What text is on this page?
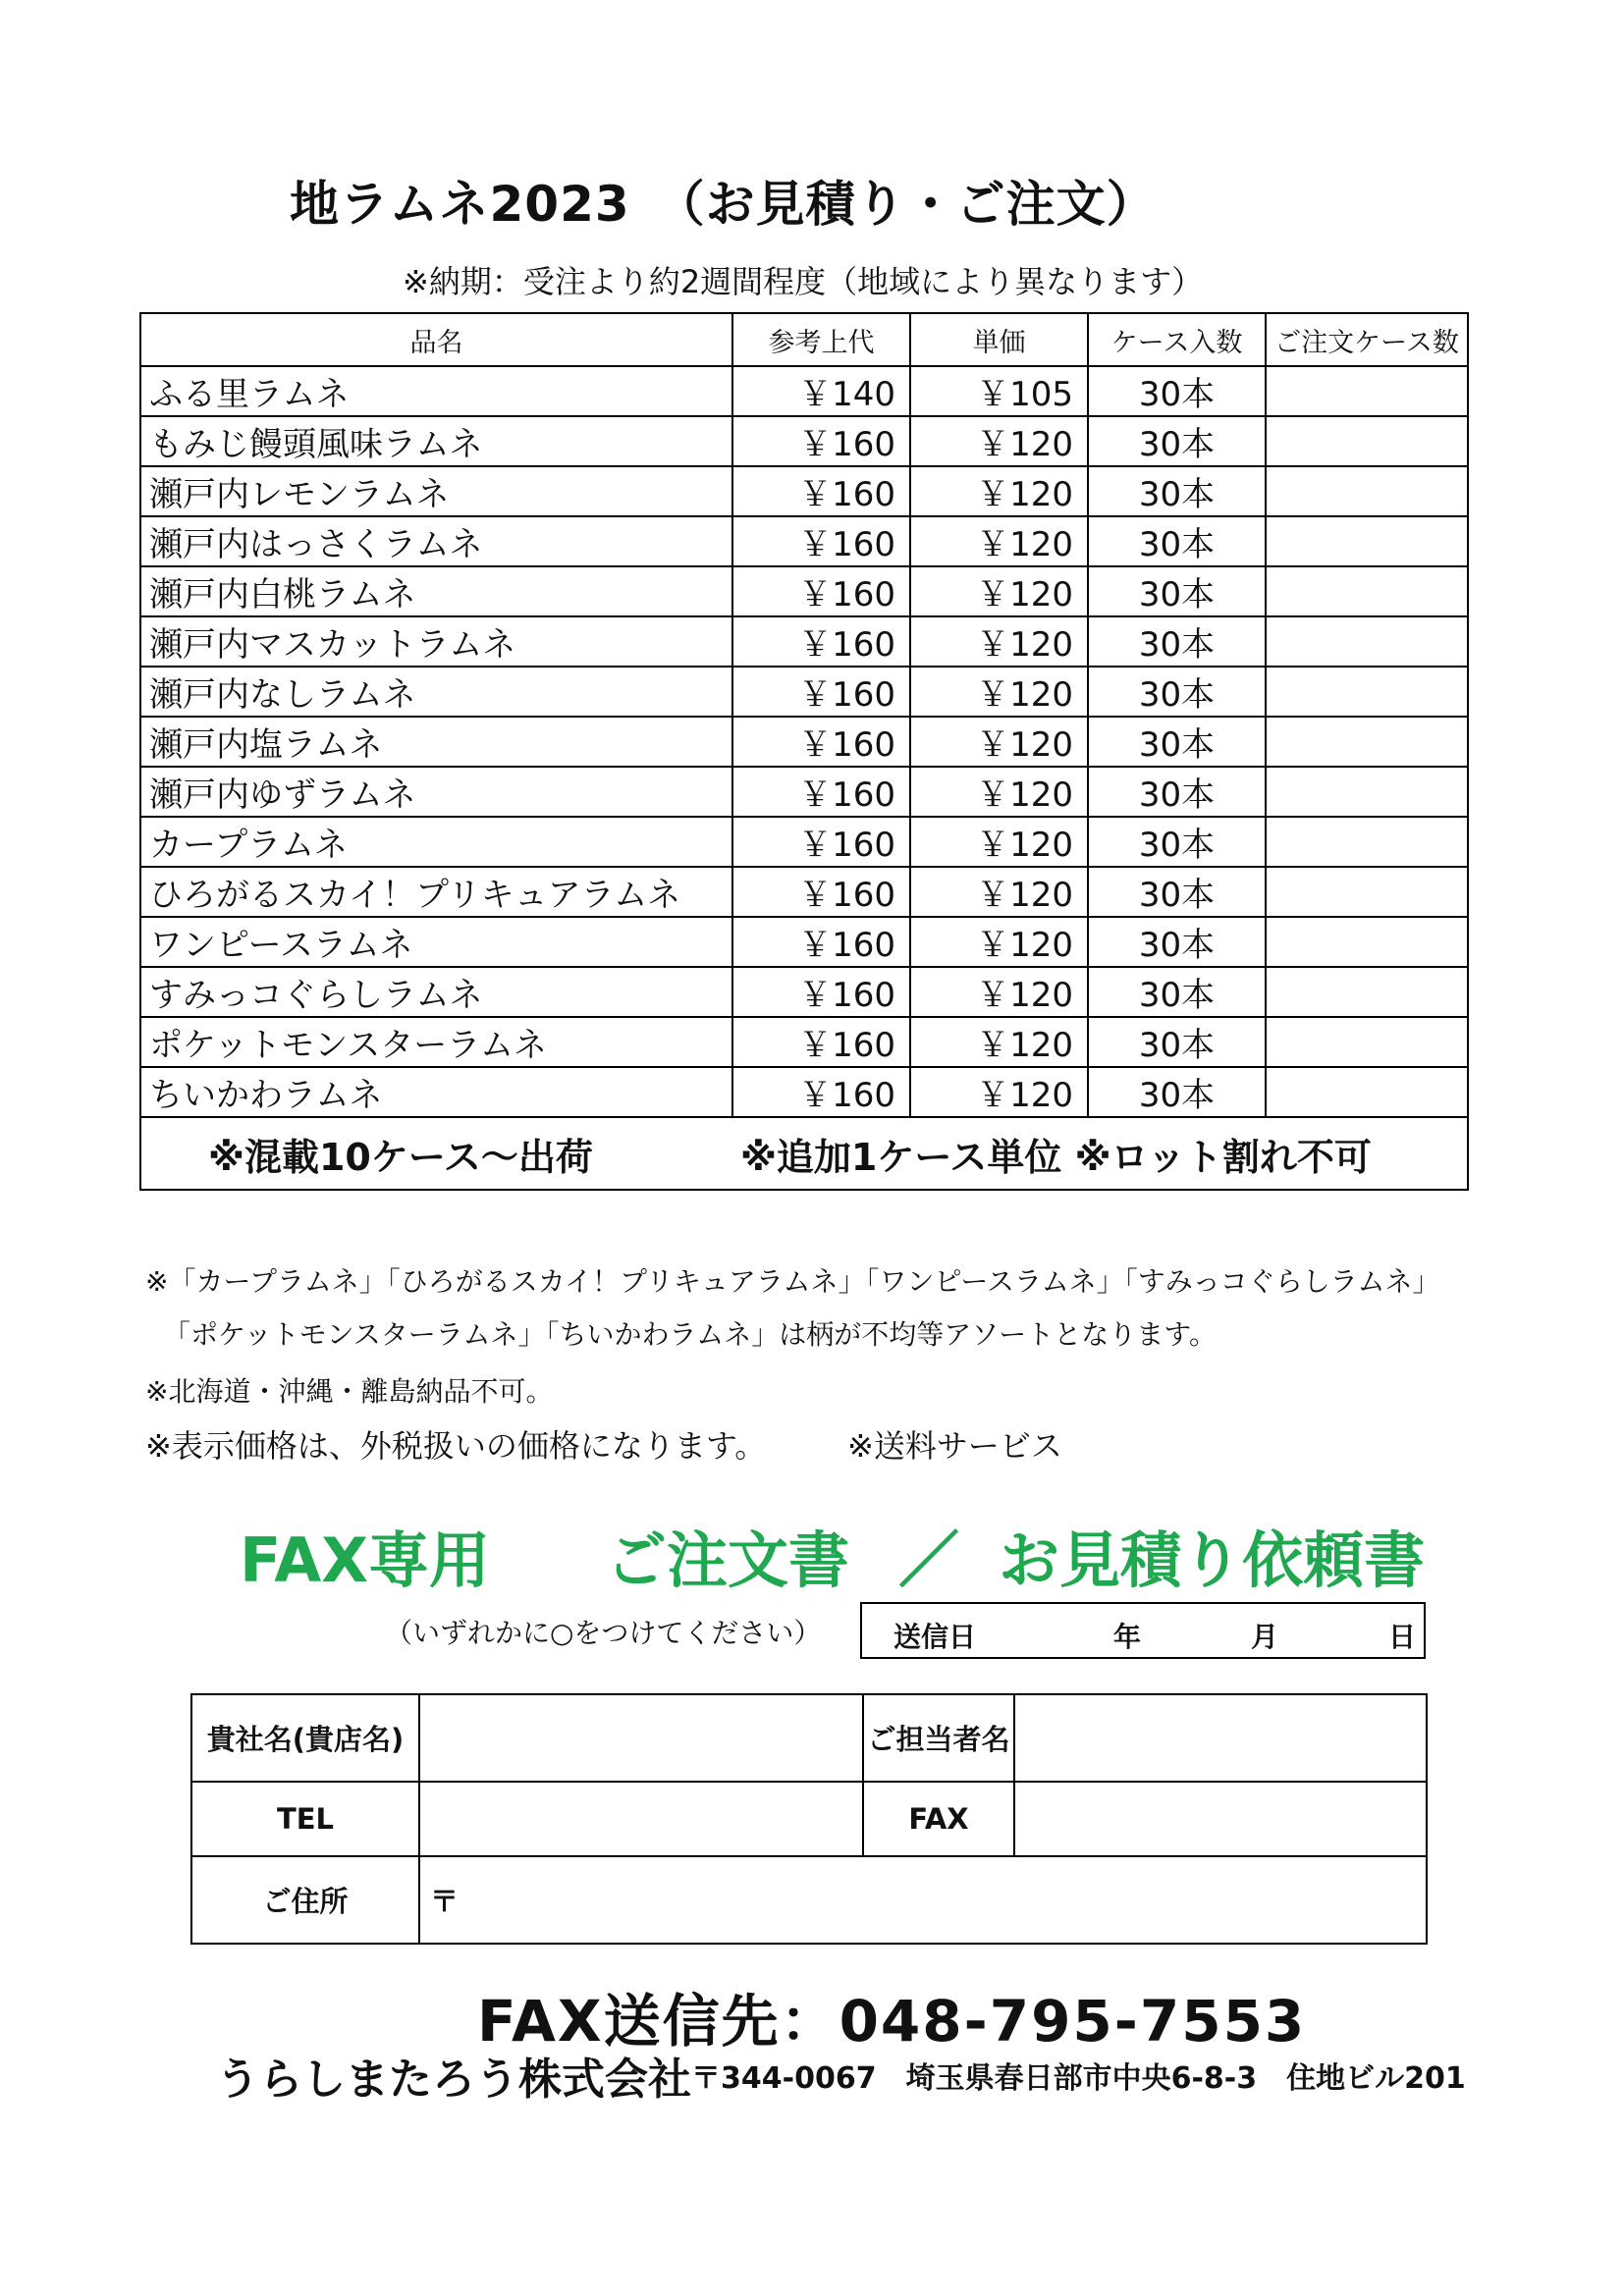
地ラムネ2023　（お見積り・ご注文）
※納期：受注より約2週間程度（地域により異なります）
品名	参考上代	単価	ケース入数	ご注文ケース数
ふる里ラムネ	￥140	￥105	30本	
もみじ饅頭風味ラムネ	￥160	￥120	30本	
瀬戸内レモンラムネ	￥160	￥120	30本	
瀬戸内はっさくラムネ	￥160	￥120	30本	
瀬戸内白桃ラムネ	￥160	￥120	30本	
瀬戸内マスカットラムネ	￥160	￥120	30本	
瀬戸内なしラムネ	￥160	￥120	30本	
瀬戸内塩ラムネ	￥160	￥120	30本	
瀬戸内ゆずラムネ	￥160	￥120	30本	
カープラムネ	￥160	￥120	30本	
ひろがるスカイ！プリキュアラムネ	￥160	￥120	30本	
ワンピースラムネ	￥160	￥120	30本	
すみっコぐらしラムネ	￥160	￥120	30本	
ポケットモンスターラムネ	￥160	￥120	30本	
ちいかわラムネ	￥160	￥120	30本	
※混載10ケース～出荷 ※追加1ケース単位 ※ロット割れ不可				
※「カープラムネ」「ひろがるスカイ！プリキュアラムネ」「ワンピースラムネ」「すみっコぐらしラムネ」
「ポケットモンスターラムネ」「ちいかわラムネ」は柄が不均等アソートとなります。
※北海道・沖縄・離島納品不可。
※表示価格は、外税扱いの価格になります。	※送料サービス
FAX専用 ご注文書 ／ お見積り依頼書
（いずれかに○をつけてください）	送信日	年	月	日
貴社名(貴店名)		ご担当者名	
TEL		FAX	
ご住所	〒		
FAX送信先：048-795-7553
うらしまたろう株式会社 〒344-0067　埼玉県春日部市中央6-8-3　住地ビル201
